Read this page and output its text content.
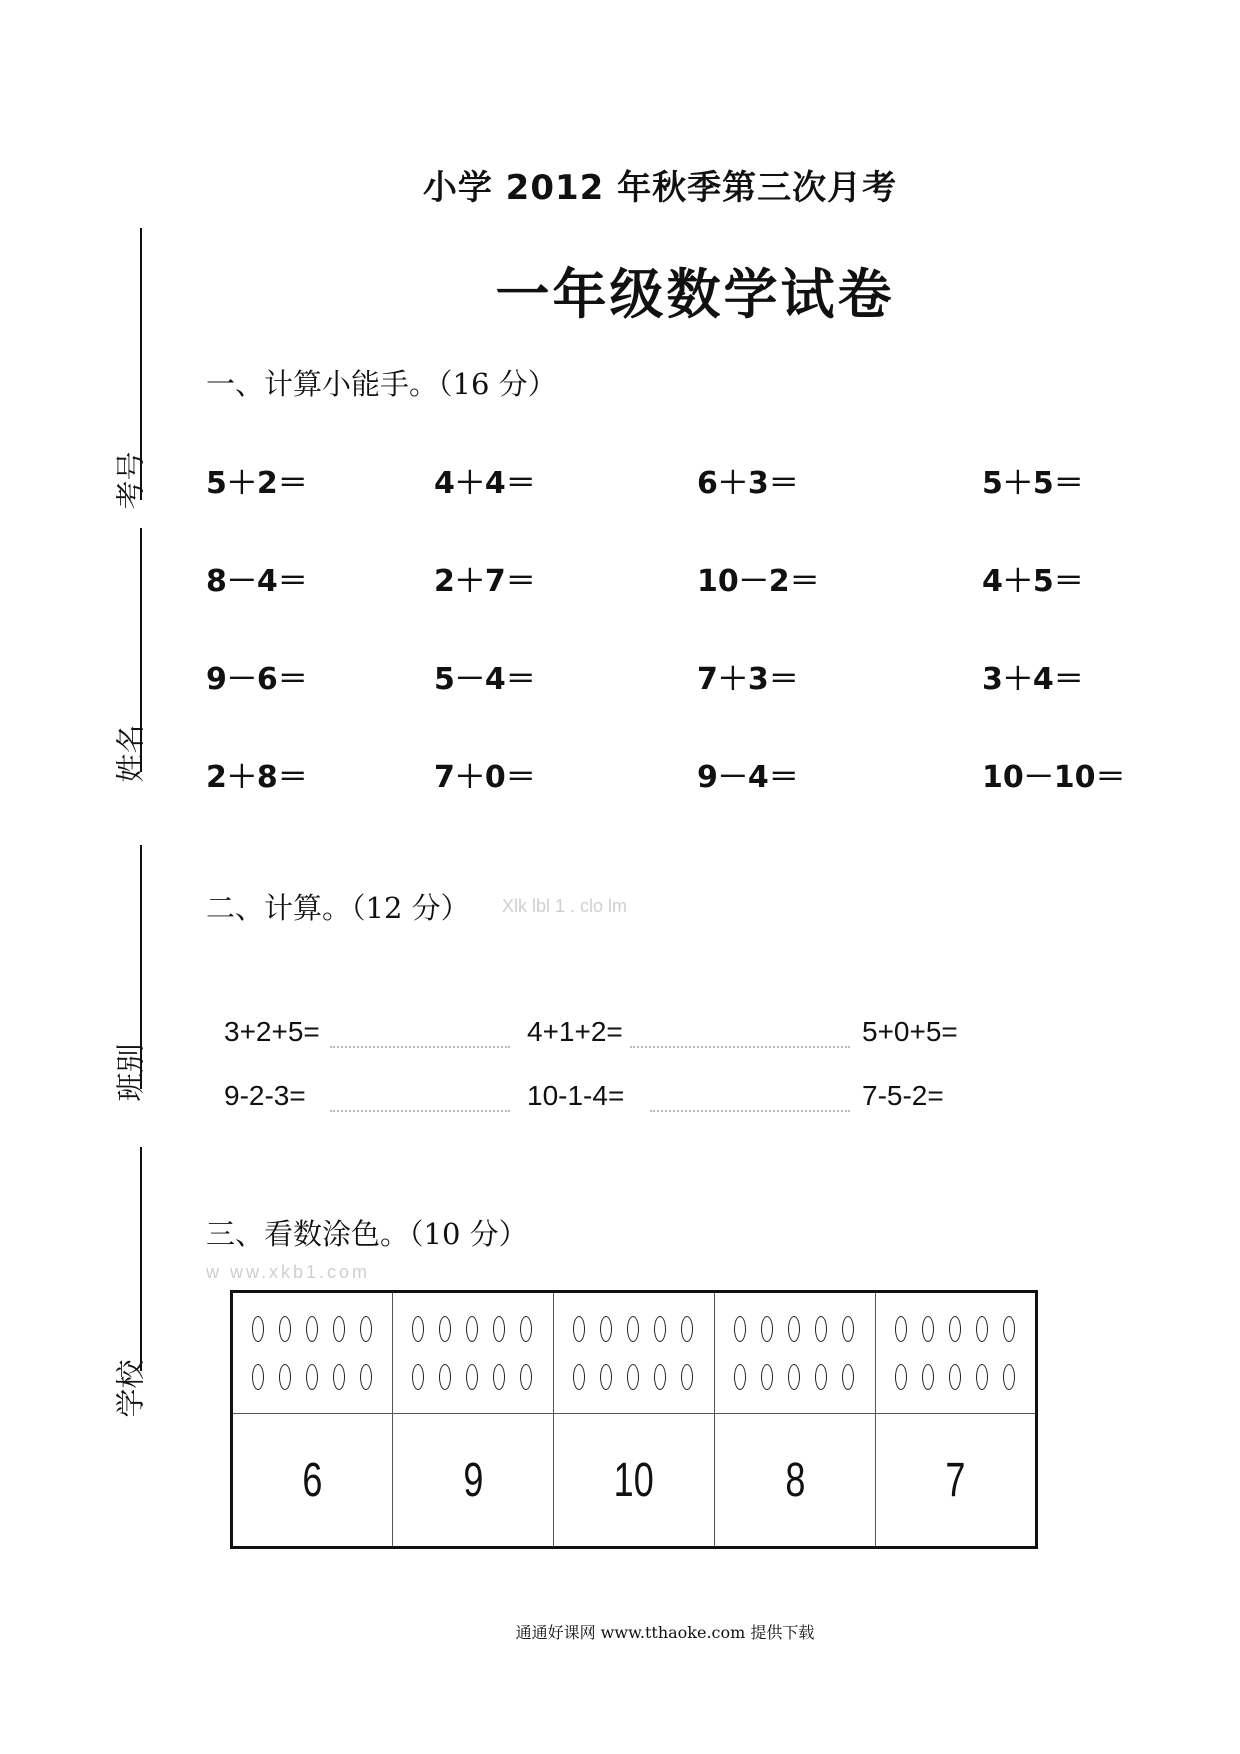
考号
姓名
班别
学校
小学 2012 年秋季第三次月考
一年级数学试卷
一、计算小能手。（16 分）
5＋2＝	4＋4＝	6＋3＝	5＋5＝
8－4＝	2＋7＝	10－2＝	4＋5＝
9－6＝	5－4＝	7＋3＝	3＋4＝
2＋8＝	7＋0＝	9－4＝	10－10＝
二、计算。（12 分） Xlk lbl 1 . clo lm
3+2+5=	4+1+2=	5+0+5=
9-2-3=	10-1-4=	7-5-2=
三、看数涂色。（10 分）
w ww.xkb1.com

6	9	10	8	7
通通好课网 www.tthaoke.com 提供下载
